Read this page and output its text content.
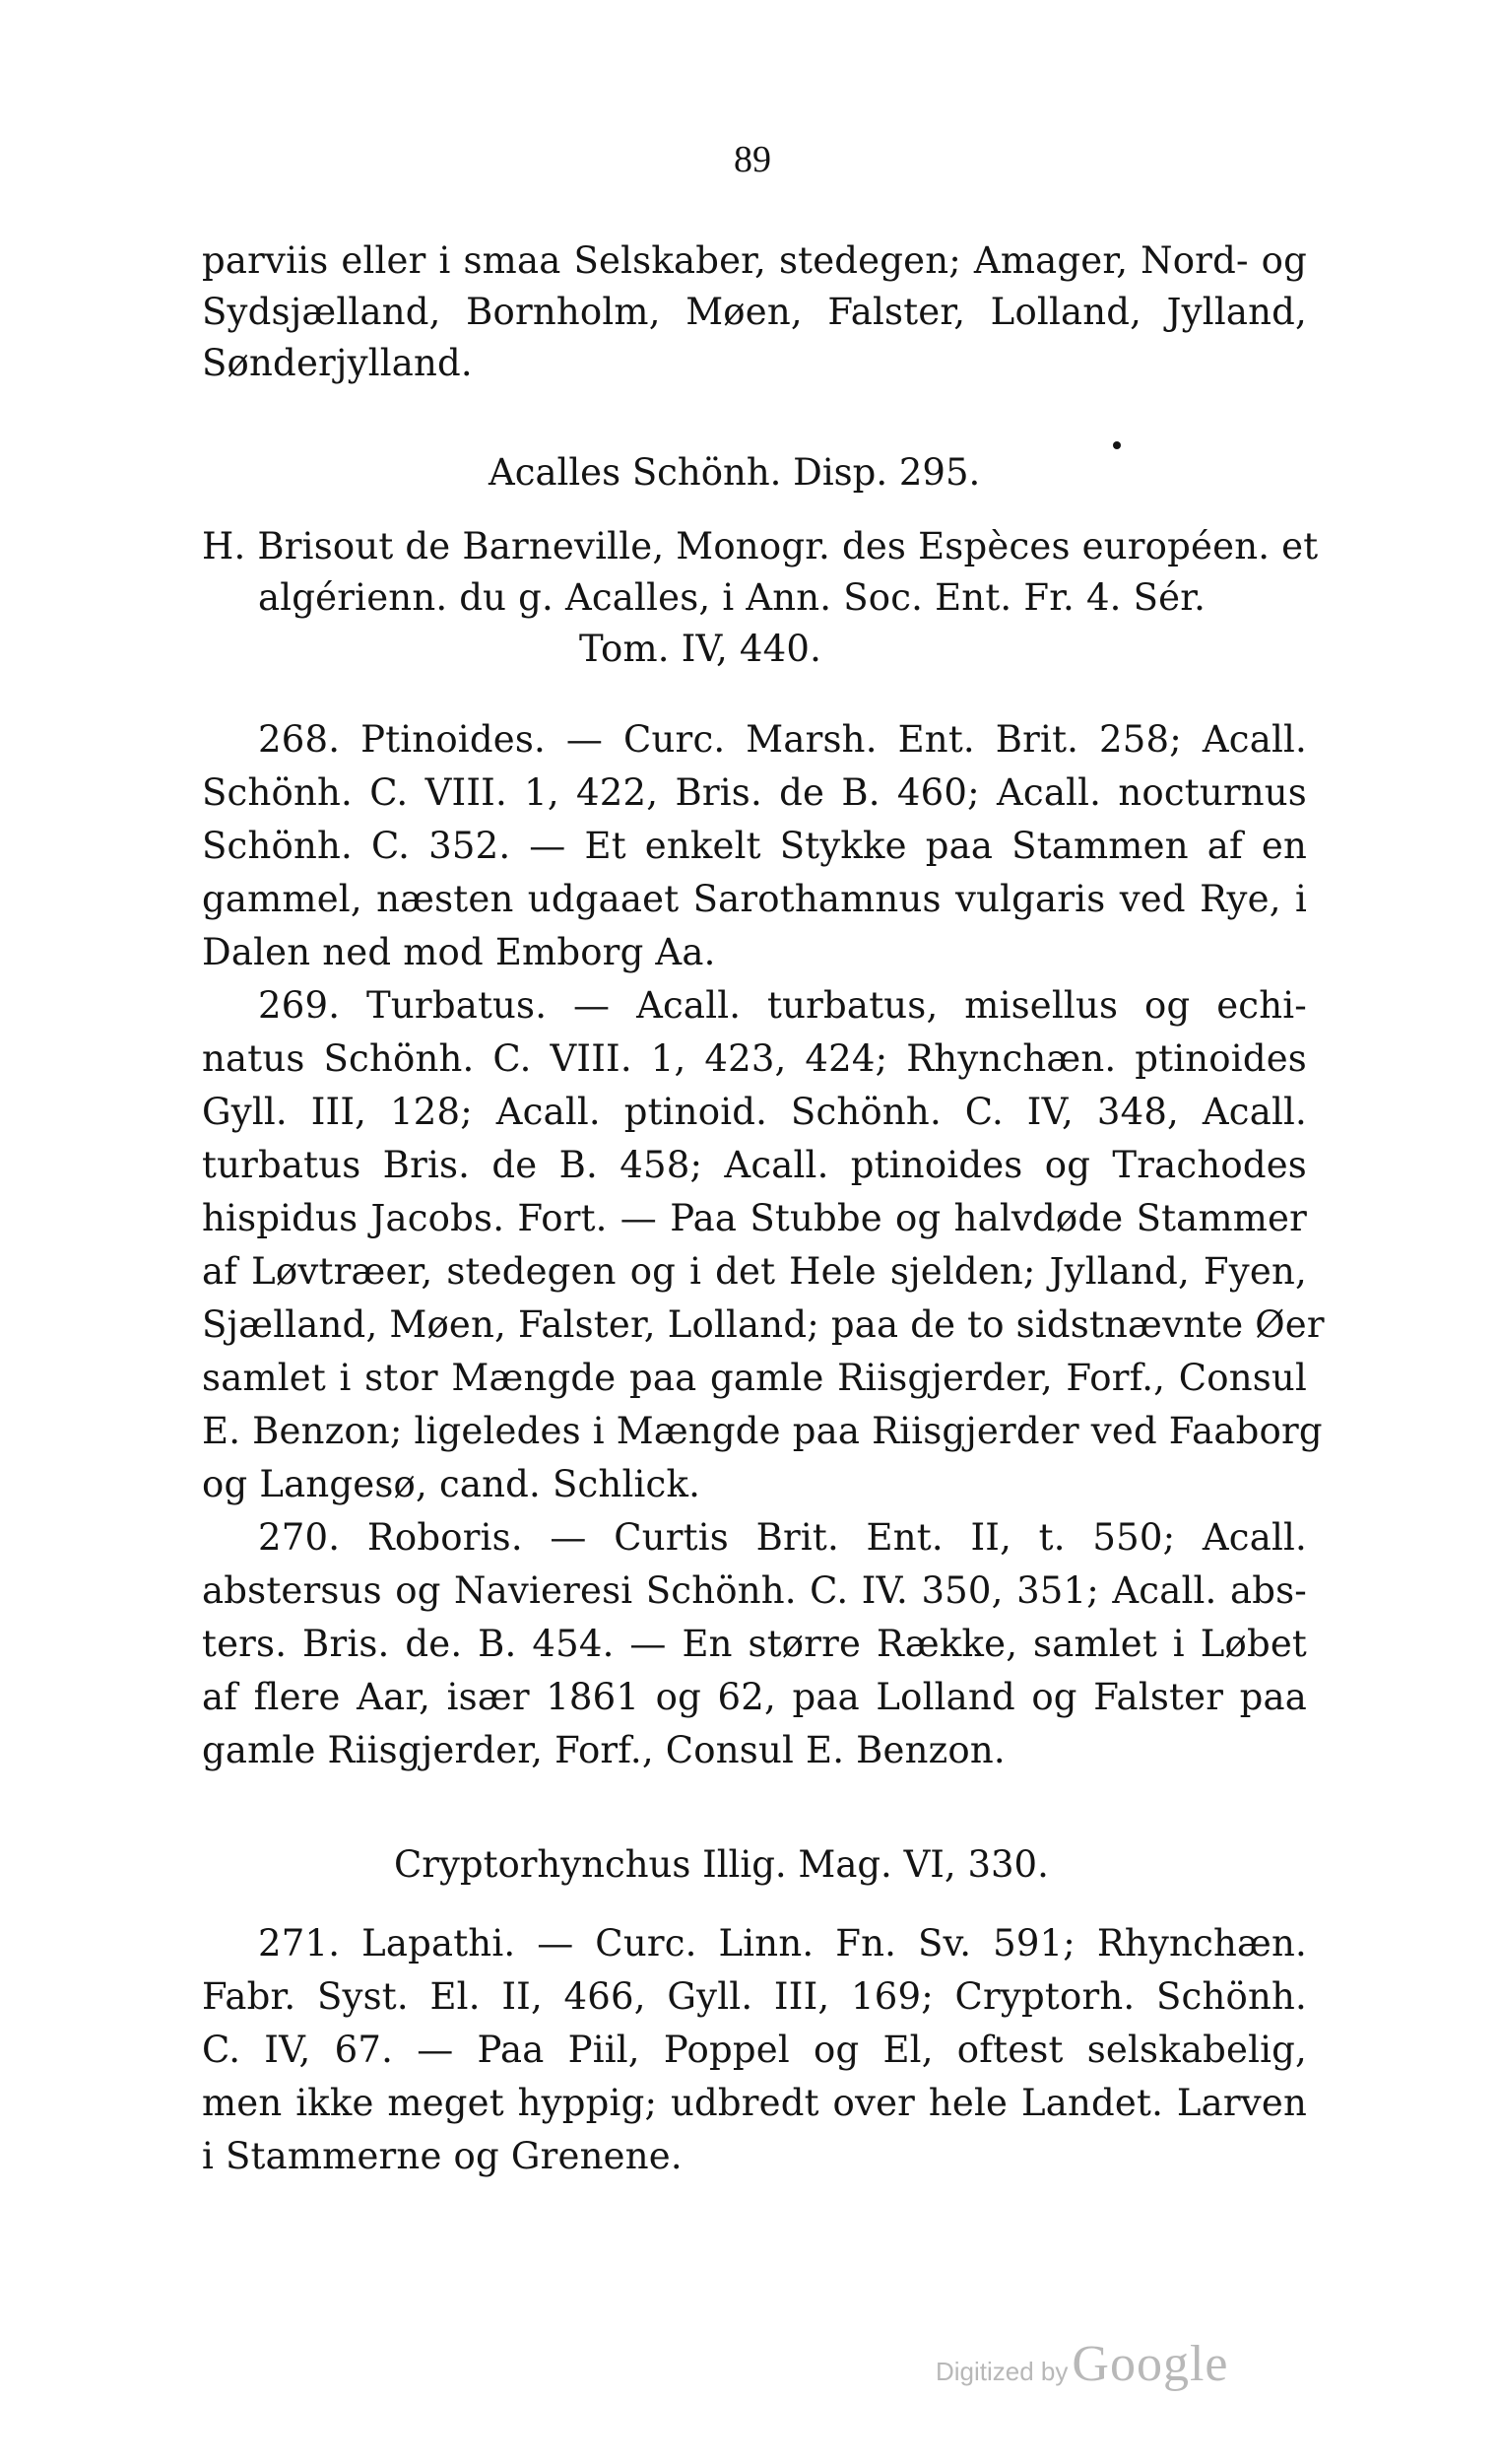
89
parviis eller i smaa Selskaber, stedegen; Amager, Nord- og
Sydsjælland, Bornholm, Møen, Falster, Lolland, Jylland,
Sønderjylland.
Acalles Schönh. Disp. 295.
H. Brisout de Barneville, Monogr. des Espèces européen. et
algérienn. du g. Acalles, i Ann. Soc. Ent. Fr. 4. Sér.
Tom. IV, 440.
268. Ptinoides. — Curc. Marsh. Ent. Brit. 258; Acall.
Schönh. C. VIII. 1, 422, Bris. de B. 460; Acall. nocturnus
Schönh. C. 352. — Et enkelt Stykke paa Stammen af en
gammel, næsten udgaaet Sarothamnus vulgaris ved Rye, i
Dalen ned mod Emborg Aa.
269. Turbatus. — Acall. turbatus, misellus og echi-
natus Schönh. C. VIII. 1, 423, 424; Rhynchæn. ptinoides
Gyll. III, 128; Acall. ptinoid. Schönh. C. IV, 348, Acall.
turbatus Bris. de B. 458; Acall. ptinoides og Trachodes
hispidus Jacobs. Fort. — Paa Stubbe og halvdøde Stammer
af Løvtræer, stedegen og i det Hele sjelden; Jylland, Fyen,
Sjælland, Møen, Falster, Lolland; paa de to sidstnævnte Øer
samlet i stor Mængde paa gamle Riisgjerder, Forf., Consul
E. Benzon; ligeledes i Mængde paa Riisgjerder ved Faaborg
og Langesø, cand. Schlick.
270. Roboris. — Curtis Brit. Ent. II, t. 550; Acall.
abstersus og Navieresi Schönh. C. IV. 350, 351; Acall. abs-
ters. Bris. de. B. 454. — En større Række, samlet i Løbet
af flere Aar, især 1861 og 62, paa Lolland og Falster paa
gamle Riisgjerder, Forf., Consul E. Benzon.
Cryptorhynchus Illig. Mag. VI, 330.
271. Lapathi. — Curc. Linn. Fn. Sv. 591; Rhynchæn.
Fabr. Syst. El. II, 466, Gyll. III, 169; Cryptorh. Schönh.
C. IV, 67. — Paa Piil, Poppel og El, oftest selskabelig,
men ikke meget hyppig; udbredt over hele Landet. Larven
i Stammerne og Grenene.
Digitized by Google
